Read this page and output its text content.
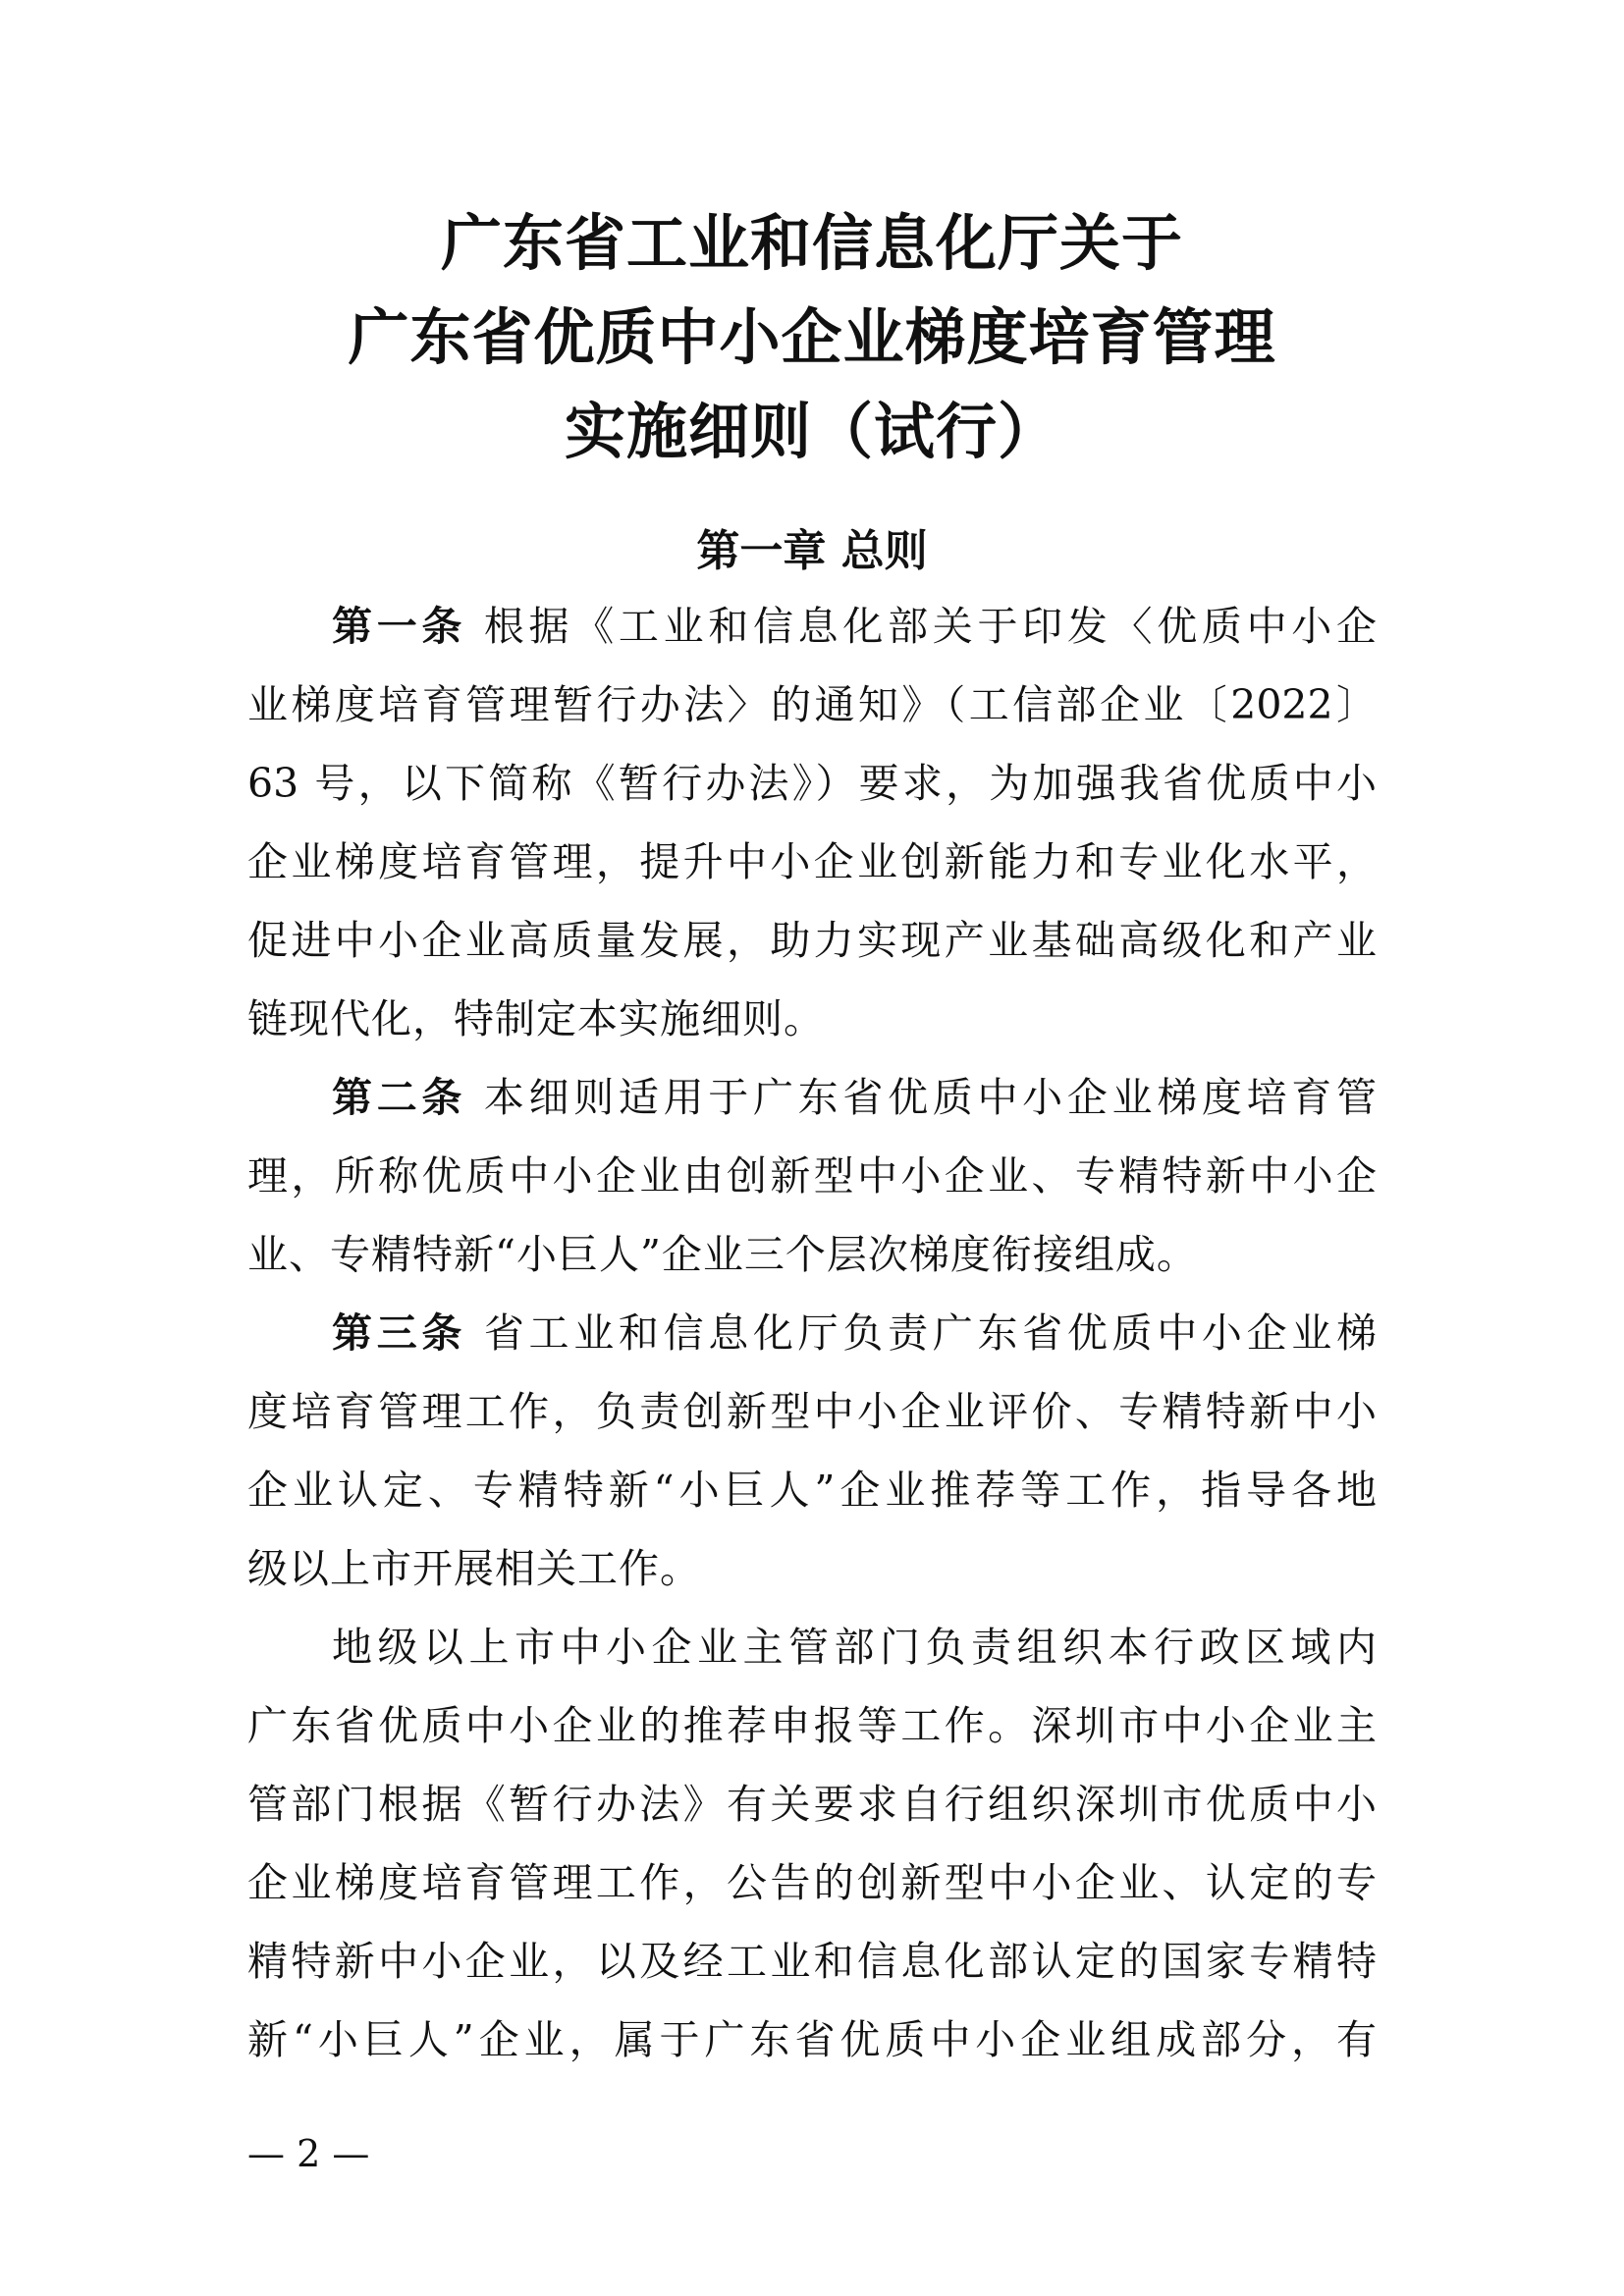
广东省工业和信息化厅关于
广东省优质中小企业梯度培育管理
实施细则（试行）
第一章 总则
第一条 根据《工业和信息化部关于印发〈优质中小企
业梯度培育管理暂行办法〉的通知》（工信部企业〔2022〕
63 号，以下简称《暂行办法》）要求，为加强我省优质中小
企业梯度培育管理，提升中小企业创新能力和专业化水平，
促进中小企业高质量发展，助力实现产业基础高级化和产业
链现代化，特制定本实施细则。
第二条 本细则适用于广东省优质中小企业梯度培育管
理，所称优质中小企业由创新型中小企业、专精特新中小企
业、专精特新“小巨人”企业三个层次梯度衔接组成。
第三条 省工业和信息化厅负责广东省优质中小企业梯
度培育管理工作，负责创新型中小企业评价、专精特新中小
企业认定、专精特新“小巨人”企业推荐等工作，指导各地
级以上市开展相关工作。
地级以上市中小企业主管部门负责组织本行政区域内
广东省优质中小企业的推荐申报等工作。深圳市中小企业主
管部门根据《暂行办法》有关要求自行组织深圳市优质中小
企业梯度培育管理工作，公告的创新型中小企业、认定的专
精特新中小企业，以及经工业和信息化部认定的国家专精特
新“小巨人”企业，属于广东省优质中小企业组成部分，有
— 2 —
